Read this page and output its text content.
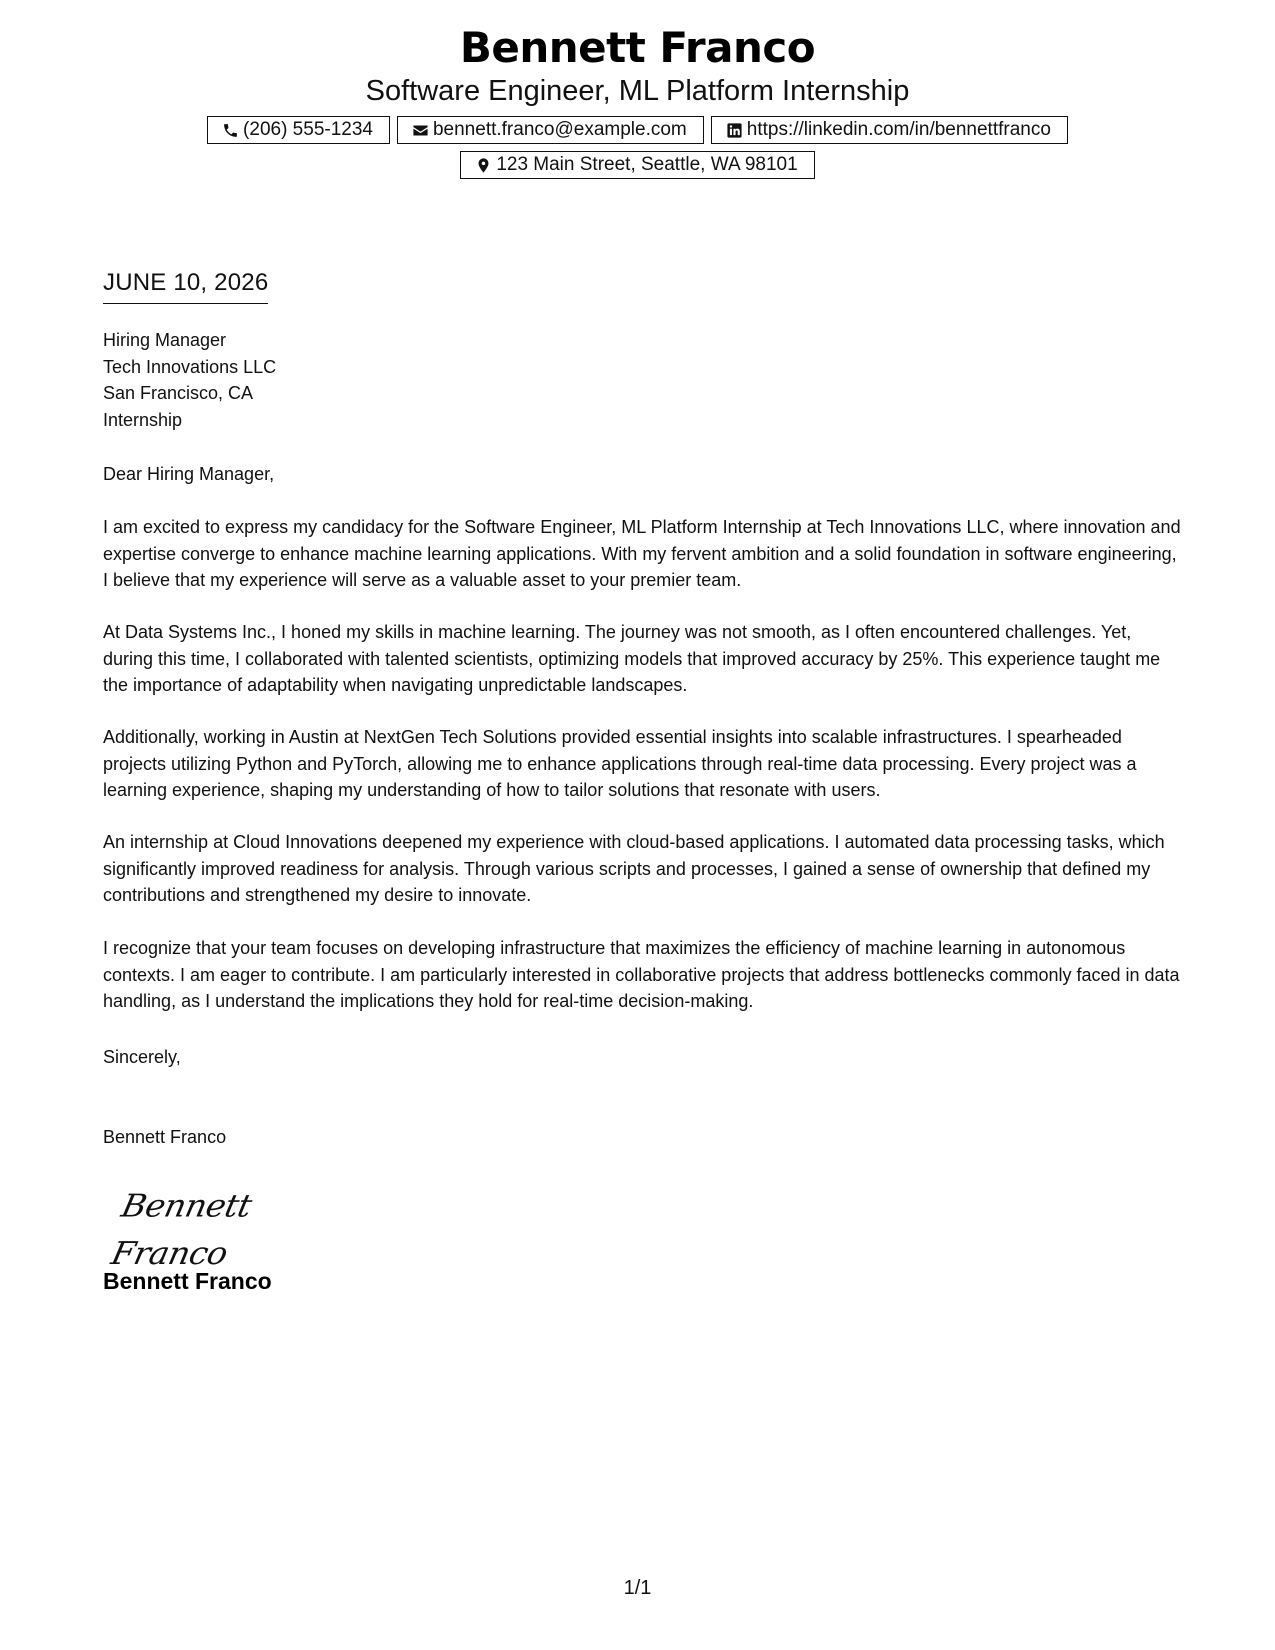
Bennett Franco
Software Engineer, ML Platform Internship
(206) 555-1234	bennett.franco@example.com	https://linkedin.com/in/bennettfranco
123 Main Street, Seattle, WA 98101
JUNE 10, 2026
Hiring Manager
Tech Innovations LLC
San Francisco, CA
Internship
Dear Hiring Manager,

I am excited to express my candidacy for the Software Engineer, ML Platform Internship at Tech Innovations LLC, where innovation and expertise converge to enhance machine learning applications. With my fervent ambition and a solid foundation in software engineering, I believe that my experience will serve as a valuable asset to your premier team.

At Data Systems Inc., I honed my skills in machine learning. The journey was not smooth, as I often encountered challenges. Yet, during this time, I collaborated with talented scientists, optimizing models that improved accuracy by 25%. This experience taught me the importance of adaptability when navigating unpredictable landscapes.

Additionally, working in Austin at NextGen Tech Solutions provided essential insights into scalable infrastructures. I spearheaded projects utilizing Python and PyTorch, allowing me to enhance applications through real-time data processing. Every project was a learning experience, shaping my understanding of how to tailor solutions that resonate with users.

An internship at Cloud Innovations deepened my experience with cloud-based applications. I automated data processing tasks, which significantly improved readiness for analysis. Through various scripts and processes, I gained a sense of ownership that defined my contributions and strengthened my desire to innovate.

I recognize that your team focuses on developing infrastructure that maximizes the efficiency of machine learning in autonomous contexts. I am eager to contribute. I am particularly interested in collaborative projects that address bottlenecks commonly faced in data handling, as I understand the implications they hold for real-time decision-making.

Sincerely,
Bennett Franco
Bennett Franco
Bennett Franco
1/1
